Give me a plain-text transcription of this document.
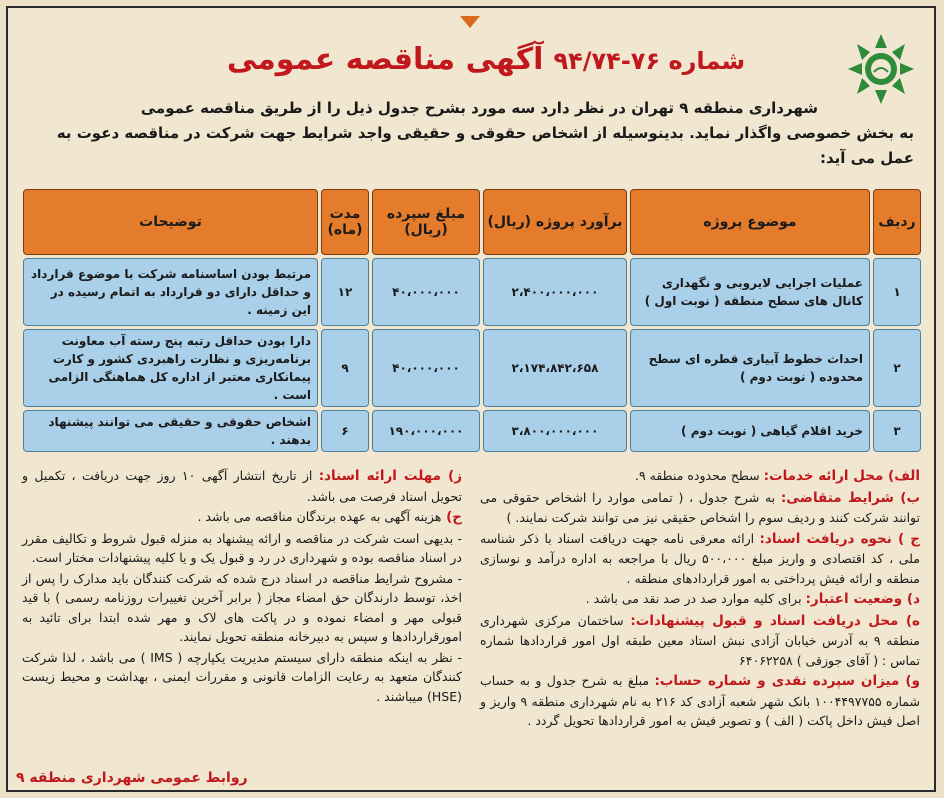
آگهی مناقصه عمومی شماره ۷۶-۹۴/۷۴
شهرداری منطقه ۹ تهران در نظر دارد سه مورد بشرح جدول ذیل را از طریق مناقصه عمومی
به بخش خصوصی واگذار نماید. بدینوسیله از اشخاص حقوقی و حقیقی واجد شرایط جهت شرکت در مناقصه دعوت به عمل می آید:
ردیف	موضوع پروژه	برآورد پروژه (ریال)	مبلغ سپرده (ریال)	مدت (ماه)	توضیحات
۱	عملیات اجرایی لایروبی و نگهداری کانال های سطح منطقه ( نوبت اول )	۲،۴۰۰،۰۰۰،۰۰۰	۴۰،۰۰۰،۰۰۰	۱۲	مرتبط بودن اساسنامه شرکت با موضوع قرارداد و حداقل دارای دو قرارداد به اتمام رسیده در این زمینه .
۲	احداث خطوط آبیاری قطره ای سطح محدوده ( نوبت دوم )	۲،۱۷۴،۸۴۲،۶۵۸	۴۰،۰۰۰،۰۰۰	۹	دارا بودن حداقل رتبه پنج رسته آب معاونت برنامه‌ریزی و نظارت راهبردی کشور و کارت پیمانکاری معتبر از اداره کل هماهنگی الزامی است .
۳	خرید اقلام گیاهی ( نوبت دوم )	۳،۸۰۰،۰۰۰،۰۰۰	۱۹۰،۰۰۰،۰۰۰	۶	اشخاص حقوقی و حقیقی می توانند پیشنهاد بدهند .
الف) محل ارائه خدمات: سطح محدوده منطقه ۹.
ب) شرایط متقاضی: به شرح جدول ، ( تمامی موارد را اشخاص حقوقی می توانند شرکت کنند و ردیف سوم را اشخاص حقیقی نیز می توانند شرکت نمایند. )
ج ) نحوه دریافت اسناد: ارائه معرفی نامه جهت دریافت اسناد با ذکر شناسه ملی ، کد اقتصادی و واریز مبلغ ۵۰۰،۰۰۰ ریال با مراجعه به اداره درآمد و نوسازی منطقه و ارائه فیش پرداختی به امور قراردادهای منطقه .
د) وضعیت اعتبار: برای کلیه موارد صد در صد نقد می باشد .
ه) محل دریافت اسناد و قبول پیشنهادات: ساختمان مرکزی شهرداری منطقه ۹ به آدرس خیابان آزادی نبش استاد معین طبقه اول امور قراردادها شماره تماس : ( آقای جوزقی ) ۶۴۰۶۲۲۵۸
و) میزان سپرده نقدی و شماره حساب: مبلغ به شرح جدول و به حساب شماره ۱۰۰۴۴۹۷۷۵۵ بانک شهر شعبه آزادی کد ۲۱۶ به نام شهرداری منطقه ۹ واریز و اصل فیش داخل پاکت ( الف ) و تصویر فیش به امور قراردادها تحویل گردد .
ز) مهلت ارائه اسناد: از تاریخ انتشار آگهی ۱۰ روز جهت دریافت ، تکمیل و تحویل اسناد فرصت می باشد.
ح) هزینه آگهی به عهده برندگان مناقصه می باشد .
- بدیهی است شرکت در مناقصه و ارائه پیشنهاد به منزله قبول شروط و تکالیف مقرر در اسناد مناقصه بوده و شهرداری در رد و قبول یک و یا کلیه پیشنهادات مختار است.
- مشروح شرایط مناقصه در اسناد درج شده که شرکت کنندگان باید مدارک را پس از اخذ، توسط دارندگان حق امضاء مجاز ( برابر آخرین تغییرات روزنامه رسمی ) با قید قبولی مهر و امضاء نموده و در پاکت های لاک و مهر شده ابتدا برای تائید به امورقراردادها و سپس به دبیرخانه منطقه تحویل نمایند.
- نظر به اینکه منطقه دارای سیستم مدیریت یکپارچه ( IMS ) می باشد ، لذا شرکت کنندگان متعهد به رعایت الزامات قانونی و مقررات ایمنی ، بهداشت و محیط زیست (HSE) میباشند .
روابط عمومی شهرداری منطقه ۹
